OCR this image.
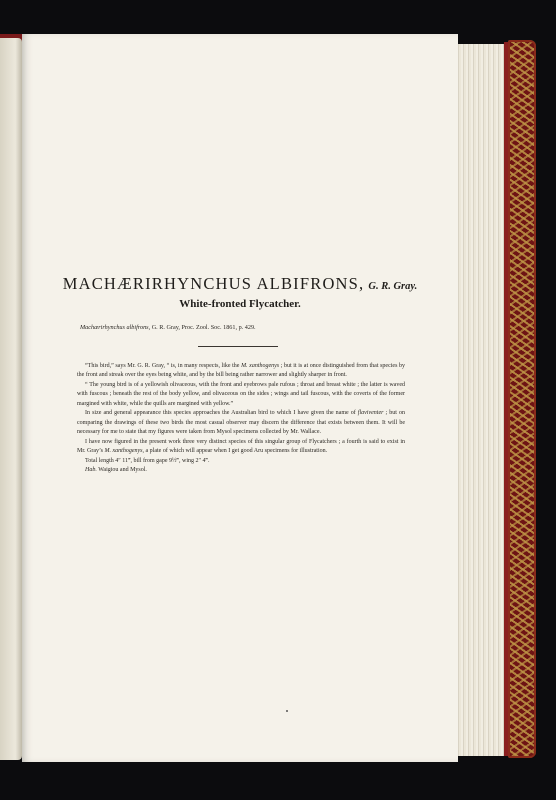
MACHÆRIRHYNCHUS ALBIFRONS, G. R. Gray.
White-fronted Flycatcher.
Machærirhynchus albifrons, G. R. Gray, Proc. Zool. Soc. 1861, p. 429.

“This bird,” says Mr. G. R. Gray, “ is, in many respects, like the M. xanthogenys ; but it is at once distinguished from that species by the front and streak over the eyes being white, and by the bill being rather narrower and slightly sharper in front.

“ The young bird is of a yellowish olivaceous, with the front and eyebrows pale rufous ; throat and breast white ; the latter is waved with fuscous ; beneath the rest of the body yellow, and olivaceous on the sides ; wings and tail fuscous, with the coverts of the former margined with white, while the quills are margined with yellow.”

In size and general appearance this species approaches the Australian bird to which I have given the name of flaviventer ; but on comparing the drawings of these two birds the most casual observer may discern the difference that exists between them. It will be necessary for me to state that my figures were taken from Mysol specimens collected by Mr. Wallace.

I have now figured in the present work three very distinct species of this singular group of Flycatchers ; a fourth is said to exist in Mr. Gray’s M. xanthogenys, a plate of which will appear when I get good Aru specimens for illustration.

Total length 4″ 11‴, bill from gape 9½‴, wing 2″ 4‴.

Hab. Waigiou and Mysol.
